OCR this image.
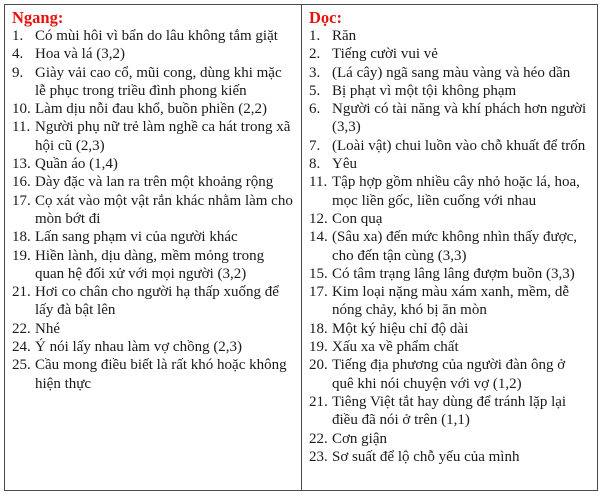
Ngang:
1. Có mùi hôi vì bẩn do lâu không tắm giặt
4. Hoa và lá (3,2)
9. Giày vải cao cổ, mũi cong, dùng khi mặc lễ phục trong triều đình phong kiến
10. Làm dịu nỗi đau khổ, buồn phiền (2,2)
11. Người phụ nữ trẻ làm nghề ca hát trong xã hội cũ (2,3)
13. Quần áo (1,4)
16. Dày đặc và lan ra trên một khoảng rộng
17. Cọ xát vào một vật rắn khác nhằm làm cho mòn bớt đi
18. Lấn sang phạm vi của người khác
19. Hiền lành, dịu dàng, mềm mỏng trong quan hệ đối xử với mọi người (3,2)
21. Hơi co chân cho người hạ thấp xuống để lấy đà bật lên
22. Nhé
24. Ý nói lấy nhau làm vợ chồng (2,3)
25. Cầu mong điều biết là rất khó hoặc không hiện thực
Dọc:
1. Răn
2. Tiếng cười vui vẻ
3. (Lá cây) ngã sang màu vàng và héo dần
5. Bị phạt vì một tội không phạm
6. Người có tài năng và khí phách hơn người (3,3)
7. (Loài vật) chui luồn vào chỗ khuất để trốn
8. Yêu
11. Tập hợp gồm nhiều cây nhỏ hoặc lá, hoa, mọc liền gốc, liền cuống với nhau
12. Con quạ
14. (Sâu xa) đến mức không nhìn thấy được, cho đến tận cùng (3,3)
15. Có tâm trạng lâng lâng đượm buồn (3,3)
17. Kim loại nặng màu xám xanh, mềm, dễ nóng chảy, khó bị ăn mòn
18. Một ký hiệu chỉ độ dài
19. Xấu xa về phẩm chất
20. Tiếng địa phương của người đàn ông ở quê khi nói chuyện với vợ (1,2)
21. Tiêng Việt tắt hay dùng để tránh lặp lại điều đã nói ở trên (1,1)
22. Cơn giận
23. Sơ suất để lộ chỗ yếu của mình
